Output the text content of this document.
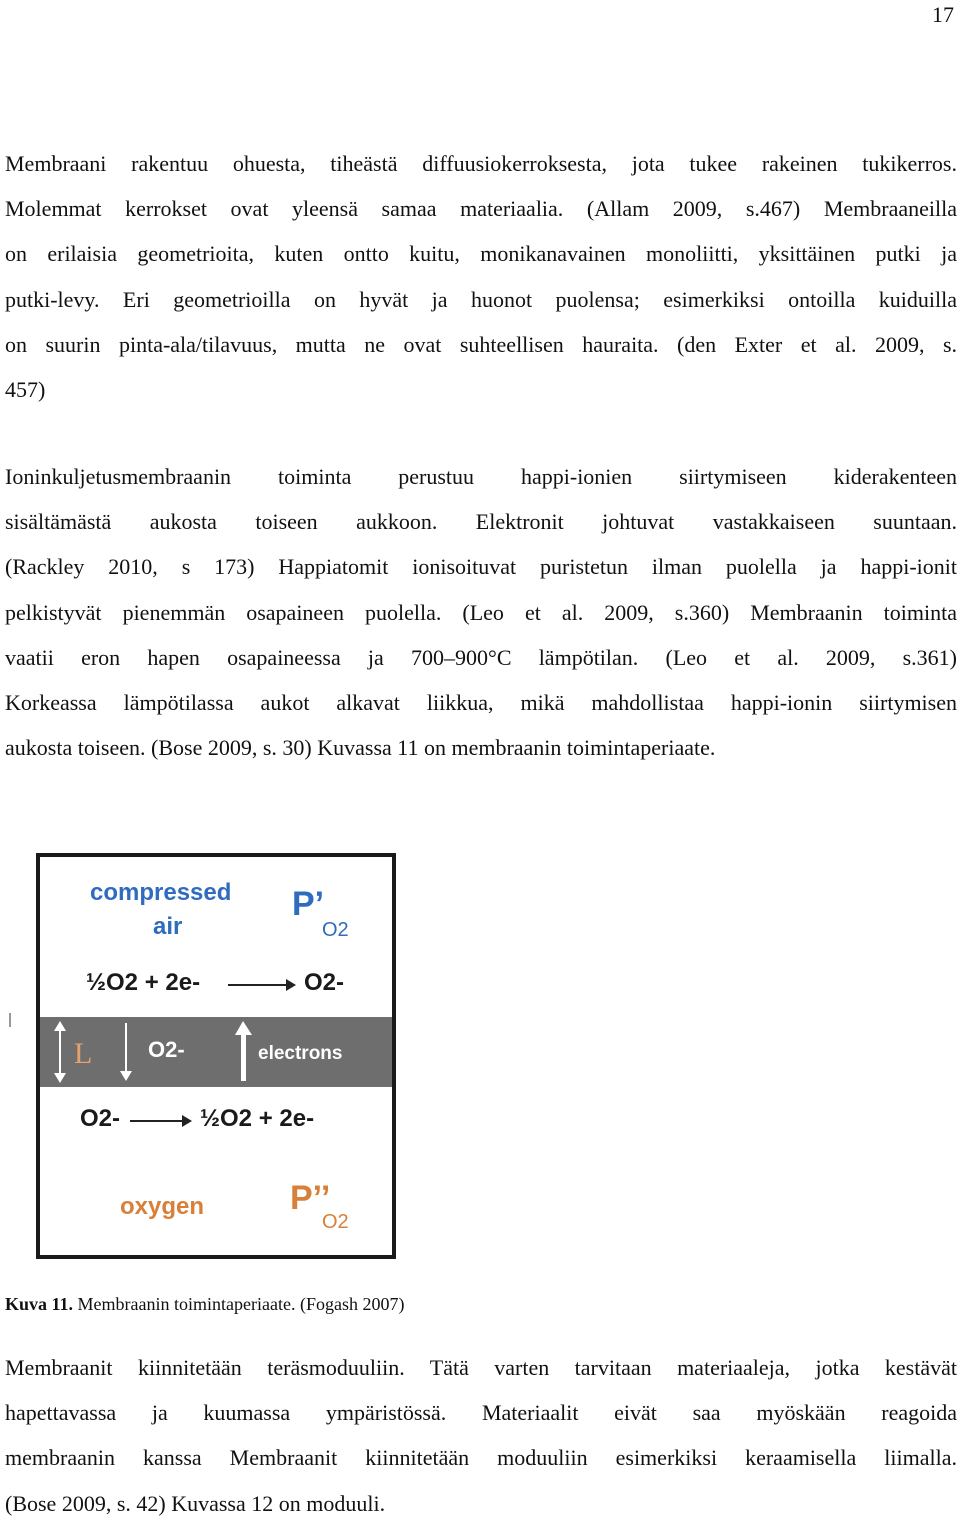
17
Membraani rakentuu ohuesta, tiheästä diffuusiokerroksesta, jota tukee rakeinen tukikerros.
Molemmat kerrokset ovat yleensä samaa materiaalia. (Allam 2009, s.467) Membraaneilla
on erilaisia geometrioita, kuten ontto kuitu, monikanavainen monoliitti, yksittäinen putki ja
putki-levy. Eri geometrioilla on hyvät ja huonot puolensa; esimerkiksi ontoilla kuiduilla
on suurin pinta-ala/tilavuus, mutta ne ovat suhteellisen hauraita. (den Exter et al. 2009, s.
457)
Ioninkuljetusmembraanin toiminta perustuu happi-ionien siirtymiseen kiderakenteen
sisältämästä aukosta toiseen aukkoon. Elektronit johtuvat vastakkaiseen suuntaan.
(Rackley 2010, s 173) Happiatomit ionisoituvat puristetun ilman puolella ja happi-ionit
pelkistyvät pienemmän osapaineen puolella. (Leo et al. 2009, s.360) Membraanin toiminta
vaatii eron hapen osapaineessa ja 700–900°C lämpötilan. (Leo et al. 2009, s.361)
Korkeassa lämpötilassa aukot alkavat liikkua, mikä mahdollistaa happi-ionin siirtymisen
aukosta toiseen. (Bose 2009, s. 30) Kuvassa 11 on membraanin toimintaperiaate.
compressed
air
P’
O2
½O2 + 2e-	O2-
L	O2-	electrons
O2-	½O2 + 2e-
oxygen	P’’
O2
Kuva 11. Membraanin toimintaperiaate. (Fogash 2007)
Membraanit kiinnitetään teräsmoduuliin. Tätä varten tarvitaan materiaaleja, jotka kestävät
hapettavassa ja kuumassa ympäristössä. Materiaalit eivät saa myöskään reagoida
membraanin kanssa Membraanit kiinnitetään moduuliin esimerkiksi keraamisella liimalla.
(Bose 2009, s. 42) Kuvassa 12 on moduuli.
